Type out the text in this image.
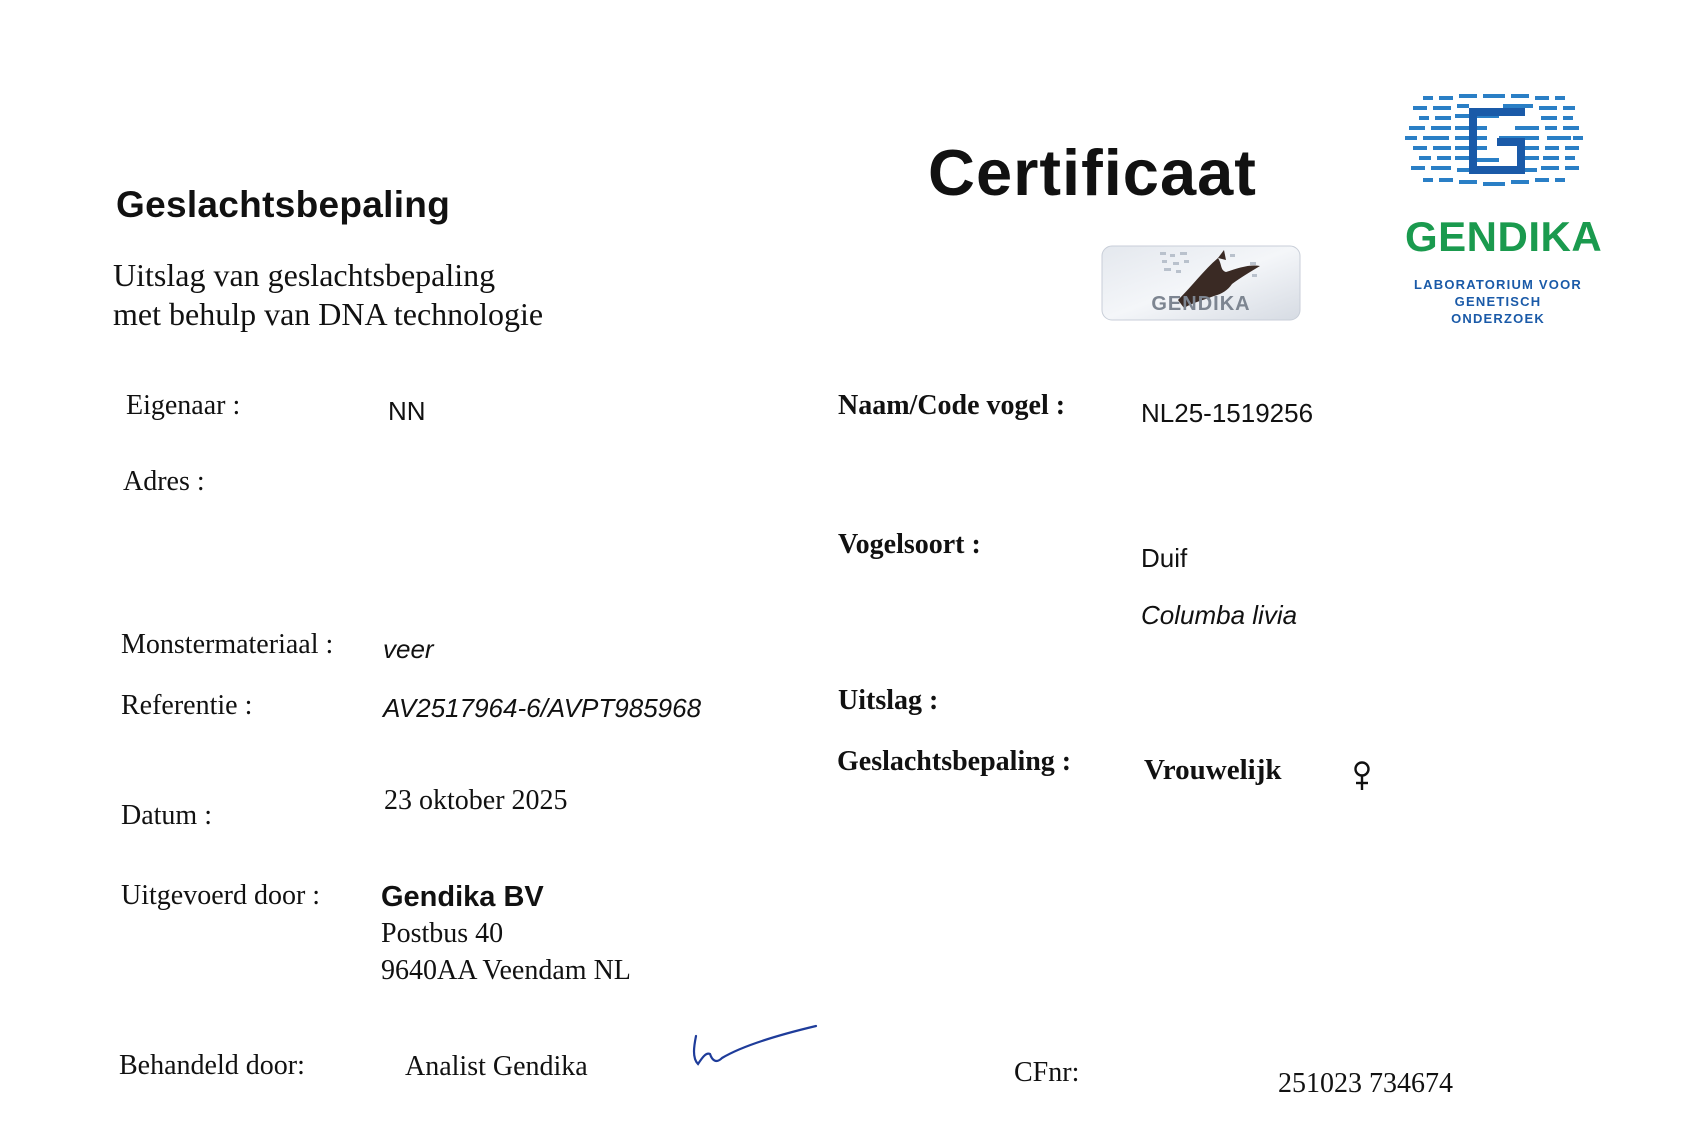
Geslachtsbepaling
Uitslag van geslachtsbepaling
met behulp van DNA technologie
Certificaat
GENDIKA
GENDIKA
LABORATORIUM VOOR
GENETISCH ONDERZOEK
Eigenaar :	NN
Adres :
Monstermateriaal : veer
Referentie :	AV2517964-6/AVPT985968
Datum :	23 oktober 2025
Uitgevoerd door : Gendika BV
Postbus 40
9640AA Veendam NL
Naam/Code vogel :	NL25-1519256
Vogelsoort :	Duif
Columba livia
Uitslag :
Geslachtsbepaling :	Vrouwelijk
Behandeld door:	Analist Gendika	CFnr:	251023 734674
